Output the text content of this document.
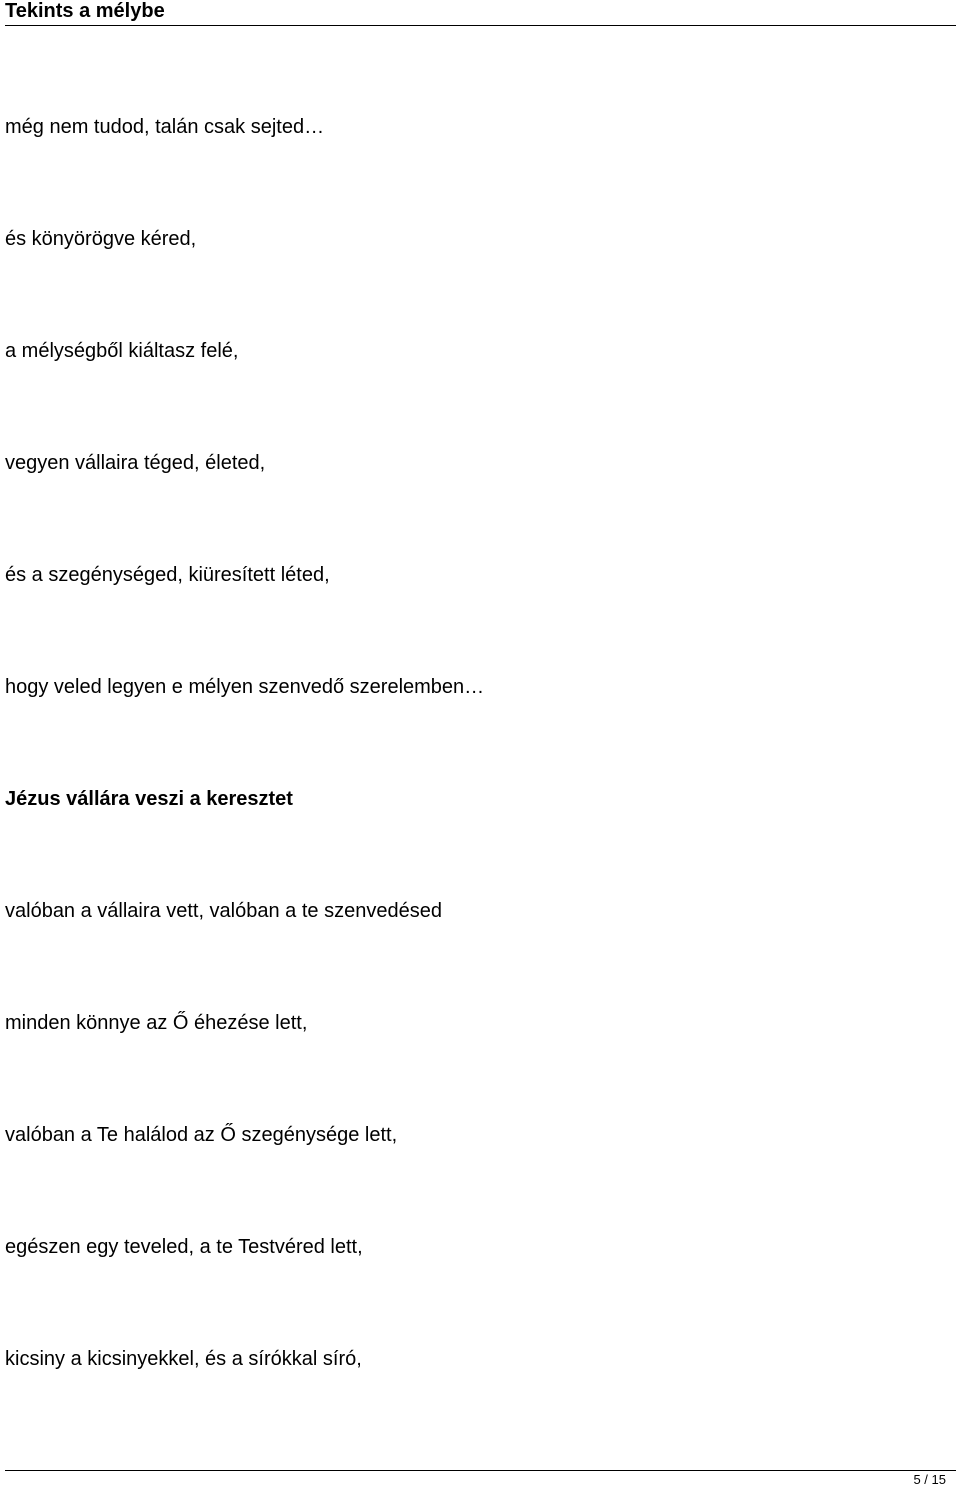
Tekints a mélybe

még nem tudod, talán csak sejted…

és könyörögve kéred,

a mélységből kiáltasz felé,

vegyen vállaira téged, életed,

és a szegénységed, kiüresített léted,

hogy veled legyen e mélyen szenvedő szerelemben…

Jézus vállára veszi a keresztet

valóban a vállaira vett, valóban a te szenvedésed

minden könnye az Ő éhezése lett,

valóban a Te halálod az Ő szegénysége lett,

egészen egy teveled, a te Testvéred lett,

kicsiny a kicsinyekkel, és a sírókkal síró,

5 / 15
